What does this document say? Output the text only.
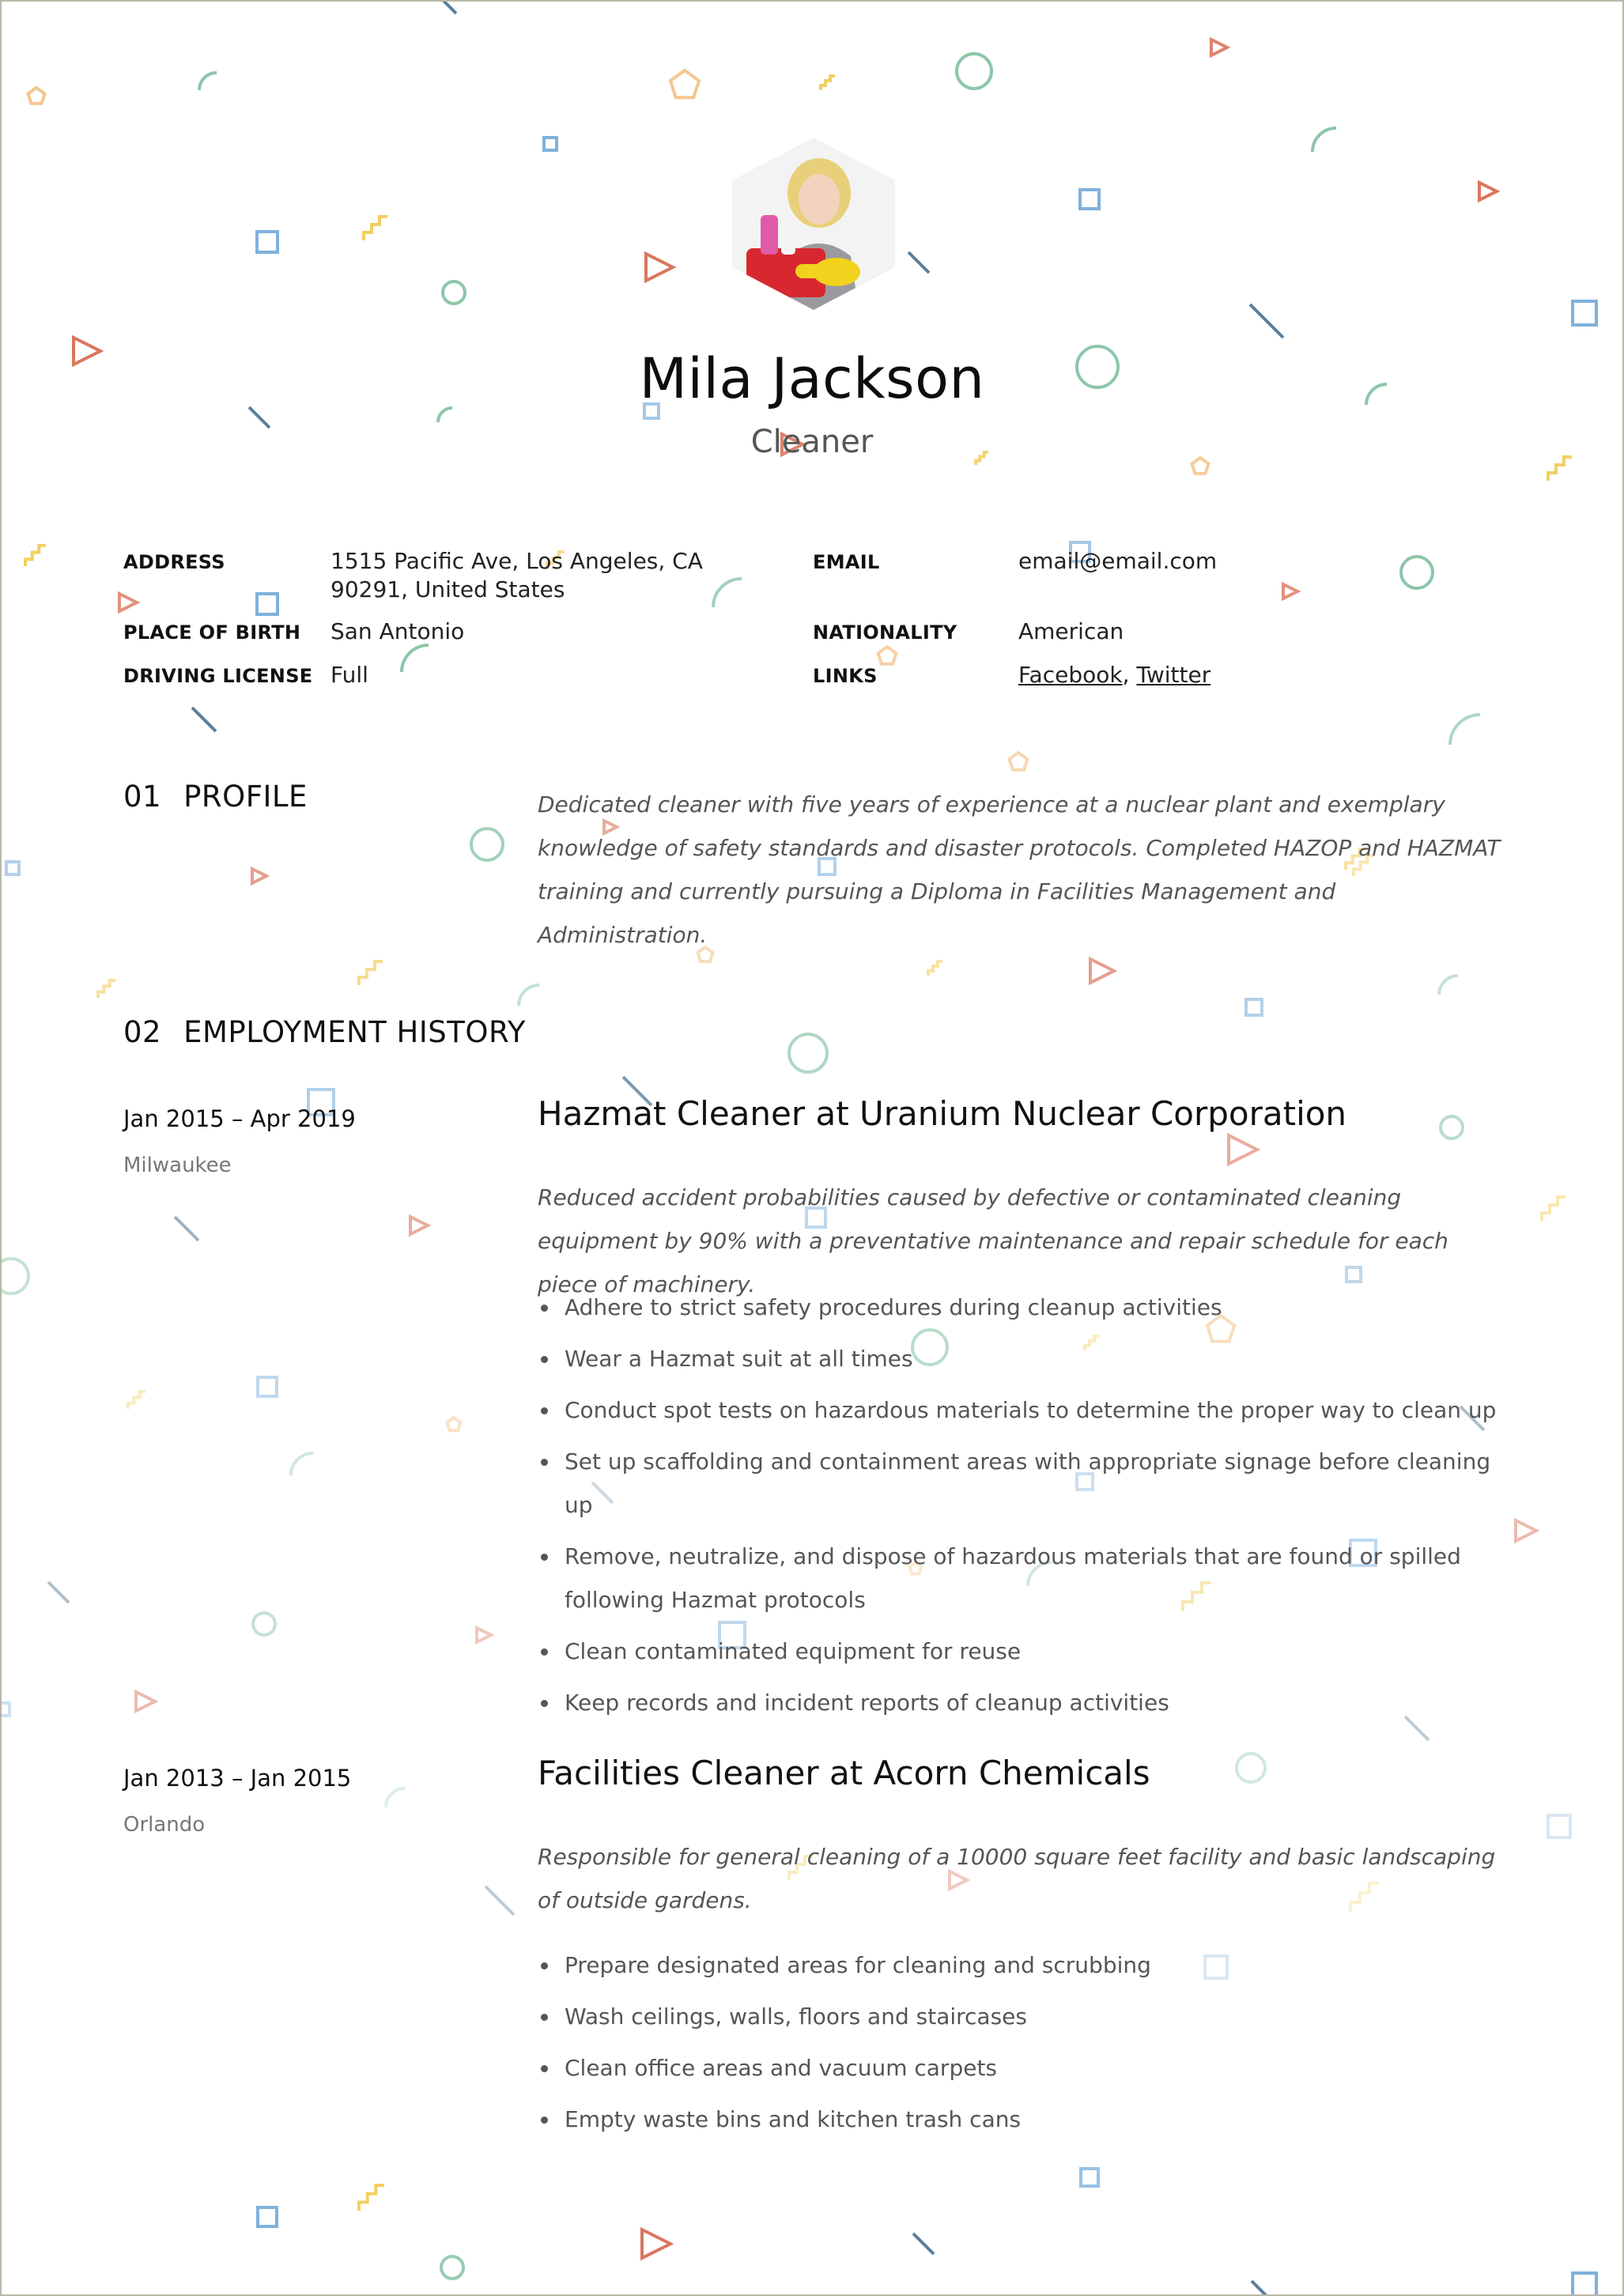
Mila Jackson
Cleaner
ADDRESS	1515 Pacific Ave, Los Angeles, CA
90291, United States
PLACE OF BIRTH San Antonio
DRIVING LICENSE Full
EMAIL	email@email.com
NATIONALITY	American
LINKS	Facebook, Twitter
01 PROFILE	Dedicated cleaner with five years of experience at a nuclear plant and exemplary knowledge of safety standards and disaster protocols. Completed HAZOP and HAZMAT training and currently pursuing a Diploma in Facilities Management and Administration.
02 EMPLOYMENT HISTORY
Jan 2015 – Apr 2019
Milwaukee
Hazmat Cleaner at Uranium Nuclear Corporation
Reduced accident probabilities caused by defective or contaminated cleaning equipment by 90% with a preventative maintenance and repair schedule for each piece of machinery.
Adhere to strict safety procedures during cleanup activities
Wear a Hazmat suit at all times
Conduct spot tests on hazardous materials to determine the proper way to clean up
Set up scaffolding and containment areas with appropriate signage before cleaning up
Remove, neutralize, and dispose of hazardous materials that are found or spilled following Hazmat protocols
Clean contaminated equipment for reuse
Keep records and incident reports of cleanup activities
Jan 2013 – Jan 2015
Orlando
Facilities Cleaner at Acorn Chemicals
Responsible for general cleaning of a 10000 square feet facility and basic landscaping of outside gardens.
Prepare designated areas for cleaning and scrubbing
Wash ceilings, walls, floors and staircases
Clean office areas and vacuum carpets
Empty waste bins and kitchen trash cans
